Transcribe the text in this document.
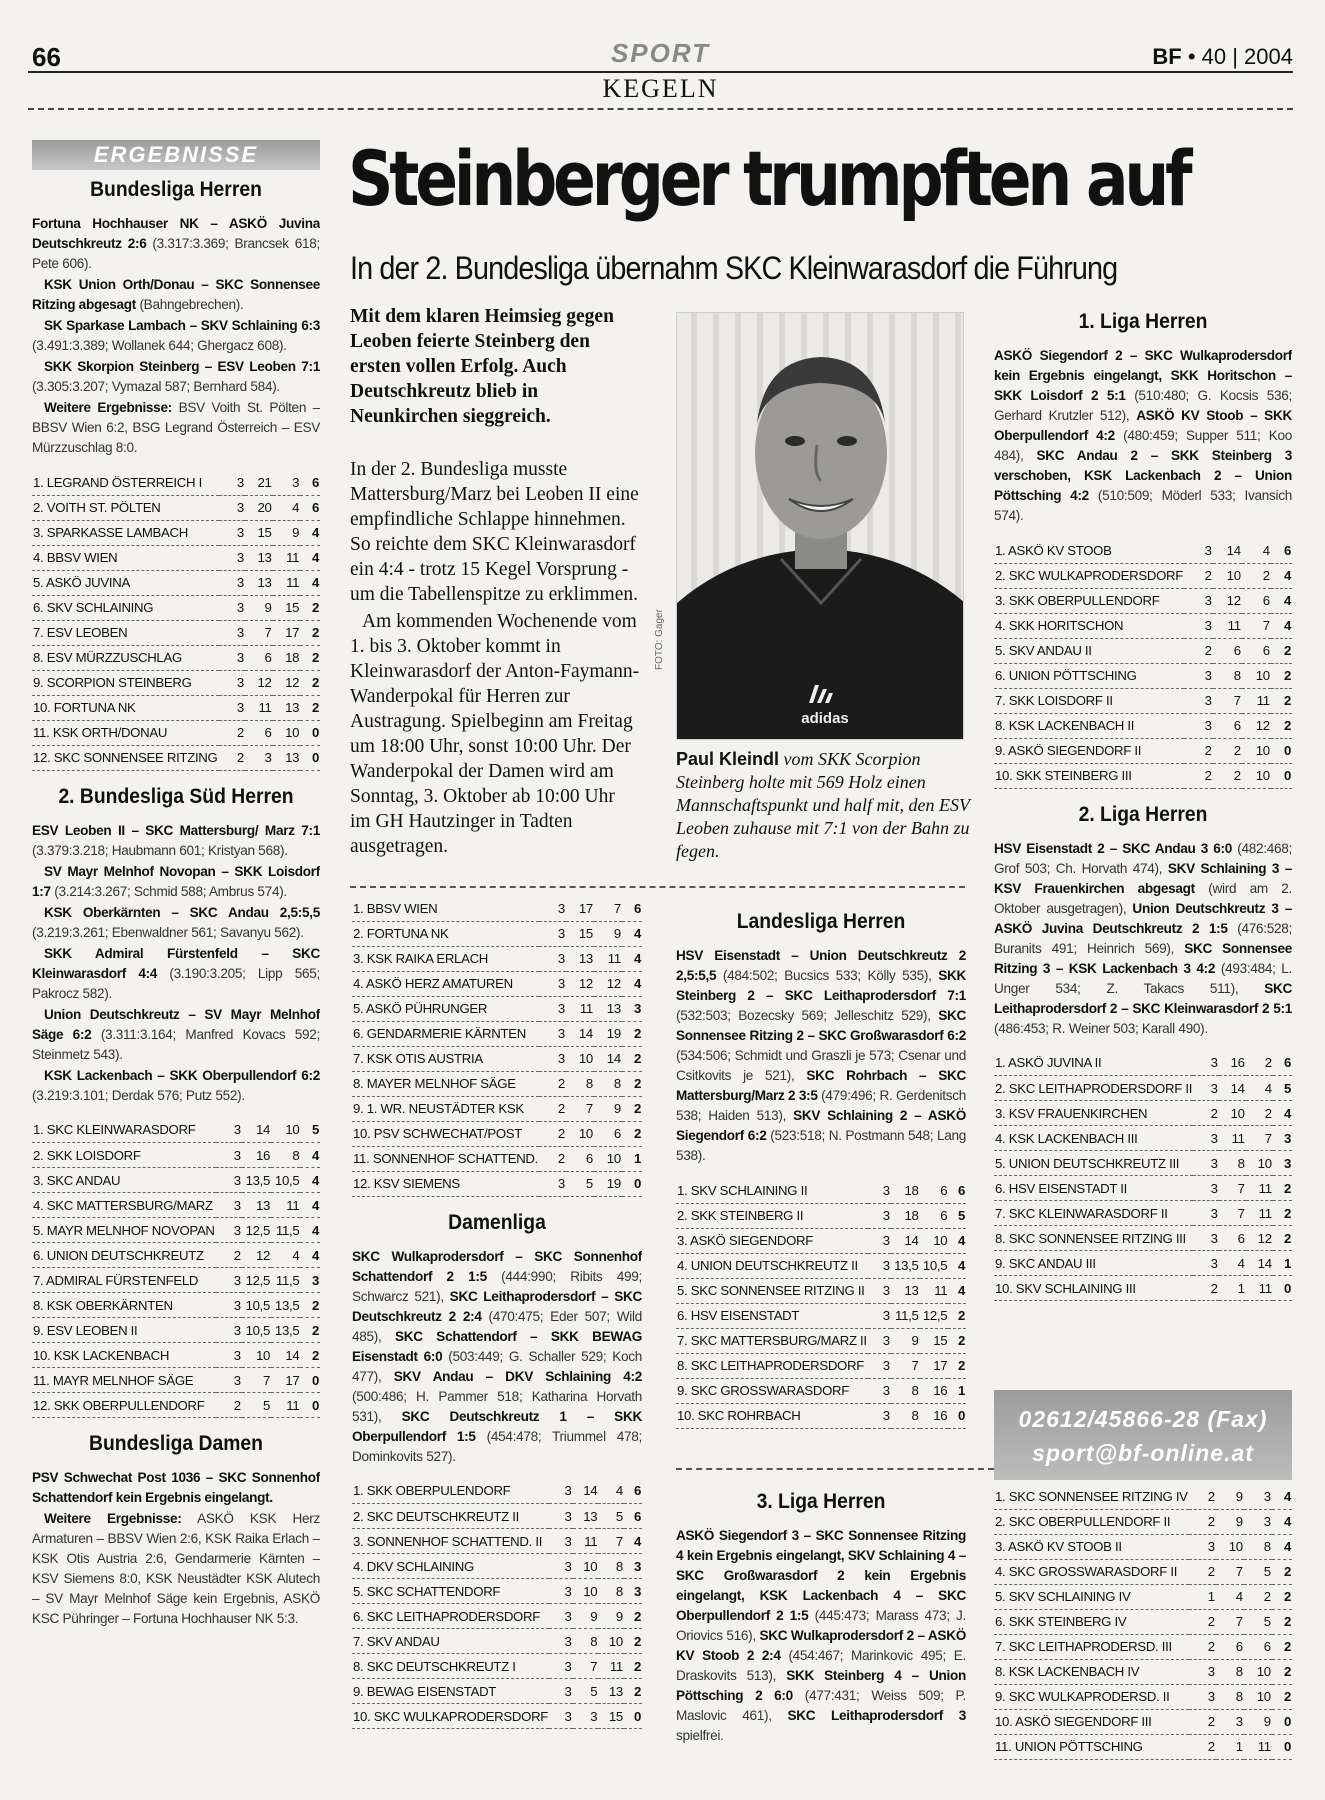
66	SPORT	BF • 40 | 2004
KEGELN
ERGEBNISSE
Bundesliga Herren

Fortuna Hochhauser NK – ASKÖ Juvina Deutschkreutz 2:6 (3.317:3.369; Brancsek 618; Pete 606).

KSK Union Orth/Donau – SKC Sonnensee Ritzing abgesagt (Bahngebrechen).

SK Sparkase Lambach – SKV Schlaining 6:3 (3.491:3.389; Wollanek 644; Ghergacz 608).

SKK Skorpion Steinberg – ESV Leoben 7:1 (3.305:3.207; Vymazal 587; Bernhard 584).

Weitere Ergebnisse: BSV Voith St. Pölten – BBSV Wien 6:2, BSG Legrand Österreich – ESV Mürzzuschlag 8:0.

1. LEGRAND ÖSTERREICH I	3	21	3	6
2. VOITH ST. PÖLTEN	3	20	4	6
3. SPARKASSE LAMBACH	3	15	9	4
4. BBSV WIEN	3	13	11	4
5. ASKÖ JUVINA	3	13	11	4
6. SKV SCHLAINING	3	9	15	2
7. ESV LEOBEN	3	7	17	2
8. ESV MÜRZZUSCHLAG	3	6	18	2
9. SCORPION STEINBERG	3	12	12	2
10. FORTUNA NK	3	11	13	2
11. KSK ORTH/DONAU	2	6	10	0
12. SKC SONNENSEE RITZING	2	3	13	0
2. Bundesliga Süd Herren

ESV Leoben II – SKC Mattersburg/ Marz 7:1 (3.379:3.218; Haubmann 601; Kristyan 568).

SV Mayr Melnhof Novopan – SKK Loisdorf 1:7 (3.214:3.267; Schmid 588; Ambrus 574).

KSK Oberkärnten – SKC Andau 2,5:5,5 (3.219:3.261; Ebenwaldner 561; Savanyu 562).

SKK Admiral Fürstenfeld – SKC Kleinwarasdorf 4:4 (3.190:3.205; Lipp 565; Pakrocz 582).

Union Deutschkreutz – SV Mayr Melnhof Säge 6:2 (3.311:3.164; Manfred Kovacs 592; Steinmetz 543).

KSK Lackenbach – SKK Oberpullendorf 6:2 (3.219:3.101; Derdak 576; Putz 552).

1. SKC KLEINWARASDORF	3	14	10	5
2. SKK LOISDORF	3	16	8	4
3. SKC ANDAU	3	13,5	10,5	4
4. SKC MATTERSBURG/MARZ	3	13	11	4
5. MAYR MELNHOF NOVOPAN	3	12,5	11,5	4
6. UNION DEUTSCHKREUTZ	2	12	4	4
7. ADMIRAL FÜRSTENFELD	3	12,5	11,5	3
8. KSK OBERKÄRNTEN	3	10,5	13,5	2
9. ESV LEOBEN II	3	10,5	13,5	2
10. KSK LACKENBACH	3	10	14	2
11. MAYR MELNHOF SÄGE	3	7	17	0
12. SKK OBERPULLENDORF	2	5	11	0
Bundesliga Damen

PSV Schwechat Post 1036 – SKC Sonnenhof Schattendorf kein Ergebnis eingelangt.

Weitere Ergebnisse: ASKÖ KSK Herz Armaturen – BBSV Wien 2:6, KSK Raika Erlach – KSK Otis Austria 2:6, Gendarmerie Kärnten – KSV Siemens 8:0, KSK Neustädter KSK Alutech – SV Mayr Melnhof Säge kein Ergebnis, ASKÖ KSC Pühringer – Fortuna Hochhauser NK 5:3.

Steinberger trumpften auf
In der 2. Bundesliga übernahm SKC Kleinwarasdorf die Führung

Mit dem klaren Heimsieg gegen Leoben feierte Steinberg den ersten vollen Erfolg. Auch Deutschkreutz blieb in Neunkirchen sieggreich.

In der 2. Bundesliga musste Mattersburg/Marz bei Leoben II eine empfindliche Schlappe hinnehmen. So reichte dem SKC Kleinwarasdorf ein 4:4 - trotz 15 Kegel Vorsprung - um die Tabellenspitze zu erklimmen.

Am kommenden Wochenende vom 1. bis 3. Oktober kommt in Kleinwarasdorf der Anton-Faymann-Wanderpokal für Herren zur Austragung. Spielbeginn am Freitag um 18:00 Uhr, sonst 10:00 Uhr. Der Wanderpokal der Damen wird am Sonntag, 3. Oktober ab 10:00 Uhr im GH Hautzinger in Tadten ausgetragen.

adidas
FOTO: Gager
Paul Kleindl vom SKK Scorpion Steinberg holte mit 569 Holz einen Mannschaftspunkt und half mit, den ESV Leoben zuhause mit 7:1 von der Bahn zu fegen.
1. BBSV WIEN	3	17	7	6
2. FORTUNA NK	3	15	9	4
3. KSK RAIKA ERLACH	3	13	11	4
4. ASKÖ HERZ AMATUREN	3	12	12	4
5. ASKÖ PÜHRUNGER	3	11	13	3
6. GENDARMERIE KÄRNTEN	3	14	19	2
7. KSK OTIS AUSTRIA	3	10	14	2
8. MAYER MELNHOF SÄGE	2	8	8	2
9. 1. WR. NEUSTÄDTER KSK	2	7	9	2
10. PSV SCHWECHAT/POST	2	10	6	2
11. SONNENHOF SCHATTEND.	2	6	10	1
12. KSV SIEMENS	3	5	19	0
Damenliga

SKC Wulkaprodersdorf – SKC Sonnenhof Schattendorf 2 1:5 (444:990; Ribits 499; Schwarcz 521), SKC Leithaprodersdorf – SKC Deutschkreutz 2 2:4 (470:475; Eder 507; Wild 485), SKC Schattendorf – SKK BEWAG Eisenstadt 6:0 (503:449; G. Schaller 529; Koch 477), SKV Andau – DKV Schlaining 4:2 (500:486; H. Pammer 518; Katharina Horvath 531), SKC Deutschkreutz 1 – SKK Oberpullendorf 1:5 (454:478; Triummel 478; Dominkovits 527).

1. SKK OBERPULENDORF	3	14	4	6
2. SKC DEUTSCHKREUTZ II	3	13	5	6
3. SONNENHOF SCHATTEND. II	3	11	7	4
4. DKV SCHLAINING	3	10	8	3
5. SKC SCHATTENDORF	3	10	8	3
6. SKC LEITHAPRODERSDORF	3	9	9	2
7. SKV ANDAU	3	8	10	2
8. SKC DEUTSCHKREUTZ I	3	7	11	2
9. BEWAG EISENSTADT	3	5	13	2
10. SKC WULKAPRODERSDORF	3	3	15	0
Landesliga Herren

HSV Eisenstadt – Union Deutschkreutz 2 2,5:5,5 (484:502; Bucsics 533; Kölly 535), SKK Steinberg 2 – SKC Leithaprodersdorf 7:1 (532:503; Bozecsky 569; Jelleschitz 529), SKC Sonnensee Ritzing 2 – SKC Großwarasdorf 6:2 (534:506; Schmidt und Graszli je 573; Csenar und Csitkovits je 521), SKC Rohrbach – SKC Mattersburg/Marz 2 3:5 (479:496; R. Gerdenitsch 538; Haiden 513), SKV Schlaining 2 – ASKÖ Siegendorf 6:2 (523:518; N. Postmann 548; Lang 538).

1. SKV SCHLAINING II	3	18	6	6
2. SKK STEINBERG II	3	18	6	5
3. ASKÖ SIEGENDORF	3	14	10	4
4. UNION DEUTSCHKREUTZ II	3	13,5	10,5	4
5. SKC SONNENSEE RITZING II	3	13	11	4
6. HSV EISENSTADT	3	11,5	12,5	2
7. SKC MATTERSBURG/MARZ II	3	9	15	2
8. SKC LEITHAPRODERSDORF	3	7	17	2
9. SKC GROSSWARASDORF	3	8	16	1
10. SKC ROHRBACH	3	8	16	0
3. Liga Herren

ASKÖ Siegendorf 3 – SKC Sonnensee Ritzing 4 kein Ergebnis eingelangt, SKV Schlaining 4 – SKC Großwarasdorf 2 kein Ergebnis eingelangt, KSK Lackenbach 4 – SKC Oberpullendorf 2 1:5 (445:473; Marass 473; J. Oriovics 516), SKC Wulkaprodersdorf 2 – ASKÖ KV Stoob 2 2:4 (454:467; Marinkovic 495; E. Draskovits 513), SKK Steinberg 4 – Union Pöttsching 2 6:0 (477:431; Weiss 509; P. Maslovic 461), SKC Leithaprodersdorf 3 spielfrei.

1. Liga Herren

ASKÖ Siegendorf 2 – SKC Wulkaprodersdorf kein Ergebnis eingelangt, SKK Horitschon – SKK Loisdorf 2 5:1 (510:480; G. Kocsis 536; Gerhard Krutzler 512), ASKÖ KV Stoob – SKK Oberpullendorf 4:2 (480:459; Supper 511; Koo 484), SKC Andau 2 – SKK Steinberg 3 verschoben, KSK Lackenbach 2 – Union Pöttsching 4:2 (510:509; Möderl 533; Ivansich 574).

1. ASKÖ KV STOOB	3	14	4	6
2. SKC WULKAPRODERSDORF	2	10	2	4
3. SKK OBERPULLENDORF	3	12	6	4
4. SKK HORITSCHON	3	11	7	4
5. SKV ANDAU II	2	6	6	2
6. UNION PÖTTSCHING	3	8	10	2
7. SKK LOISDORF II	3	7	11	2
8. KSK LACKENBACH II	3	6	12	2
9. ASKÖ SIEGENDORF II	2	2	10	0
10. SKK STEINBERG III	2	2	10	0
2. Liga Herren

HSV Eisenstadt 2 – SKC Andau 3 6:0 (482:468; Grof 503; Ch. Horvath 474), SKV Schlaining 3 – KSV Frauenkirchen abgesagt (wird am 2. Oktober ausgetragen), Union Deutschkreutz 3 – ASKÖ Juvina Deutschkreutz 2 1:5 (476:528; Buranits 491; Heinrich 569), SKC Sonnensee Ritzing 3 – KSK Lackenbach 3 4:2 (493:484; L. Unger 534; Z. Takacs 511), SKC Leithaprodersdorf 2 – SKC Kleinwarasdorf 2 5:1 (486:453; R. Weiner 503; Karall 490).

1. ASKÖ JUVINA II	3	16	2	6
2. SKC LEITHAPRODERSDORF II	3	14	4	5
3. KSV FRAUENKIRCHEN	2	10	2	4
4. KSK LACKENBACH III	3	11	7	3
5. UNION DEUTSCHKREUTZ III	3	8	10	3
6. HSV EISENSTADT II	3	7	11	2
7. SKC KLEINWARASDORF II	3	7	11	2
8. SKC SONNENSEE RITZING III	3	6	12	2
9. SKC ANDAU III	3	4	14	1
10. SKV SCHLAINING III	2	1	11	0
02612/45866-28 (Fax)
sport@bf-online.at
1. SKC SONNENSEE RITZING IV	2	9	3	4
2. SKC OBERPULLENDORF II	2	9	3	4
3. ASKÖ KV STOOB II	3	10	8	4
4. SKC GROSSWARASDORF II	2	7	5	2
5. SKV SCHLAINING IV	1	4	2	2
6. SKK STEINBERG IV	2	7	5	2
7. SKC LEITHAPRODERSD. III	2	6	6	2
8. KSK LACKENBACH IV	3	8	10	2
9. SKC WULKAPRODERSD. II	3	8	10	2
10. ASKÖ SIEGENDORF III	2	3	9	0
11. UNION PÖTTSCHING	2	1	11	0
